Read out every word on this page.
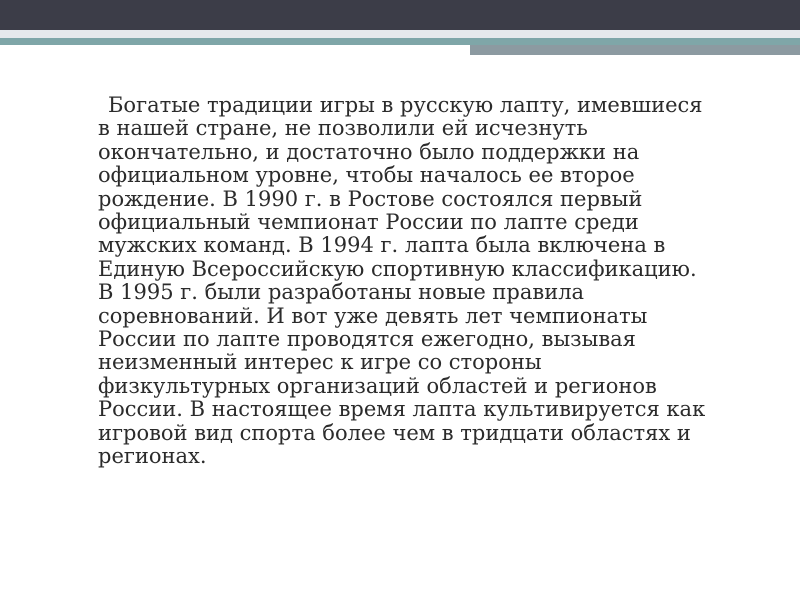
Богатые традиции игры в русскую лапту, имевшиеся в нашей стране, не позволили ей исчезнуть окончательно, и достаточно было поддержки на официальном уровне, чтобы началось ее второе рождение. В 1990 г. в Ростове состоялся первый официальный чемпионат России по лапте среди мужских команд. В 1994 г. лапта была включена в Единую Всероссийскую спортивную классификацию. В 1995 г. были разработаны новые правила соревнований. И вот уже девять лет чемпионаты России по лапте проводятся ежегодно, вызывая неизменный интерес к игре со стороны физкультурных организаций областей и регионов России. В настоящее время лапта культивируется как игровой вид спорта более чем в тридцати областях и регионах.
